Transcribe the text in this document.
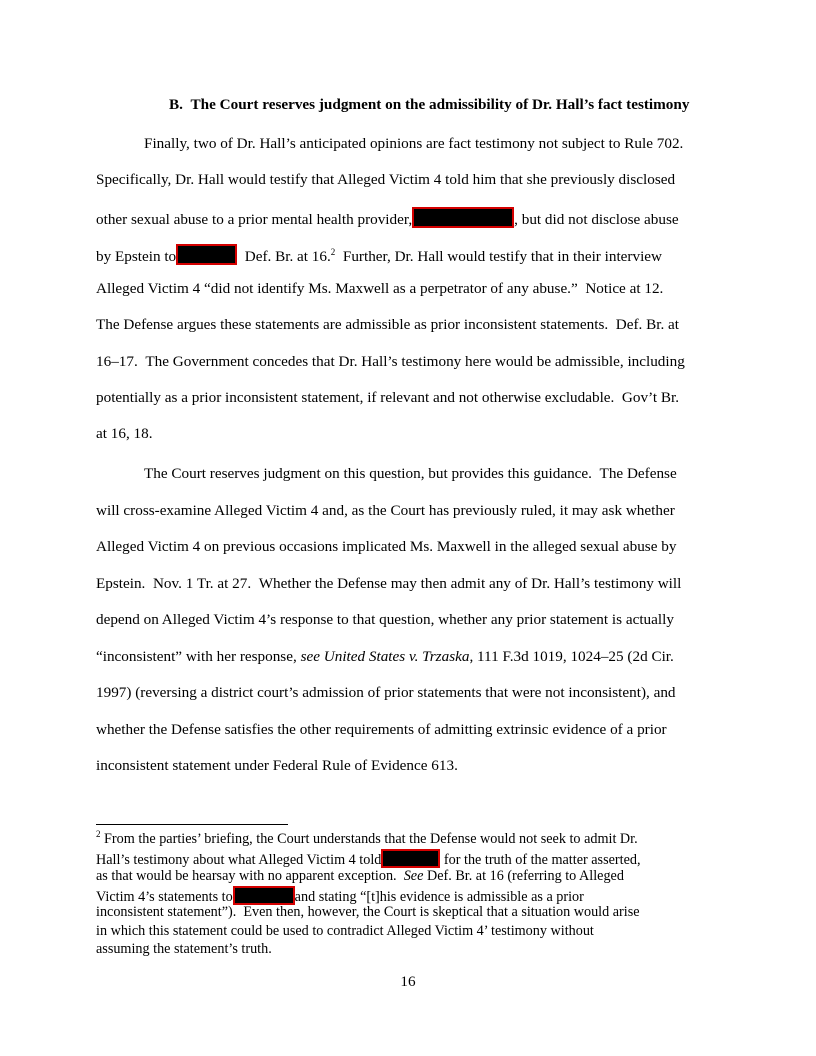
B.  The Court reserves judgment on the admissibility of Dr. Hall’s fact testimony
Finally, two of Dr. Hall’s anticipated opinions are fact testimony not subject to Rule 702.
Specifically, Dr. Hall would testify that Alleged Victim 4 told him that she previously disclosed
other sexual abuse to a prior mental health provider,	, but did not disclose abuse
by Epstein to	Def. Br. at 16.$^2$  Further, Dr. Hall would testify that in their interview
Alleged Victim 4 “did not identify Ms. Maxwell as a perpetrator of any abuse.”  Notice at 12.
The Defense argues these statements are admissible as prior inconsistent statements.  Def. Br. at
16–17.  The Government concedes that Dr. Hall’s testimony here would be admissible, including
potentially as a prior inconsistent statement, if relevant and not otherwise excludable.  Gov’t Br.
at 16, 18.
The Court reserves judgment on this question, but provides this guidance.  The Defense
will cross-examine Alleged Victim 4 and, as the Court has previously ruled, it may ask whether
Alleged Victim 4 on previous occasions implicated Ms. Maxwell in the alleged sexual abuse by
Epstein.  Nov. 1 Tr. at 27.  Whether the Defense may then admit any of Dr. Hall’s testimony will
depend on Alleged Victim 4’s response to that question, whether any prior statement is actually
“inconsistent” with her response, see United States v. Trzaska, 111 F.3d 1019, 1024–25 (2d Cir.
1997) (reversing a district court’s admission of prior statements that were not inconsistent), and
whether the Defense satisfies the other requirements of admitting extrinsic evidence of a prior
inconsistent statement under Federal Rule of Evidence 613.
$^2$ From the parties’ briefing, the Court understands that the Defense would not seek to admit Dr.
Hall’s testimony about what Alleged Victim 4 told	for the truth of the matter asserted,
as that would be hearsay with no apparent exception.  See Def. Br. at 16 (referring to Alleged
Victim 4’s statements to	and stating “[t]his evidence is admissible as a prior
inconsistent statement”).  Even then, however, the Court is skeptical that a situation would arise
in which this statement could be used to contradict Alleged Victim 4’ testimony without
assuming the statement’s truth.
16
